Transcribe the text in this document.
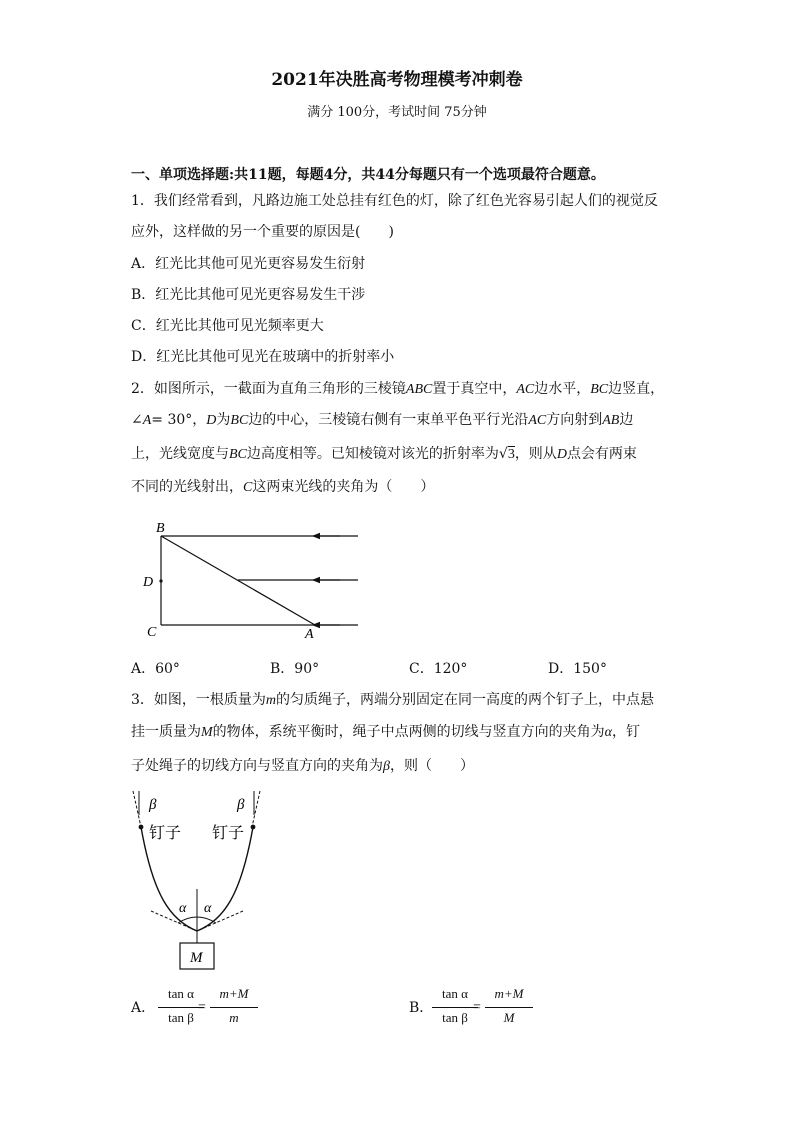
2021年决胜高考物理模考冲刺卷
满分 100分，考试时间 75分钟
一、单项选择题:共11题，每题4分，共44分每题只有一个选项最符合题意。
1．我们经常看到，凡路边施工处总挂有红色的灯，除了红色光容易引起人们的视觉反
应外，这样做的另一个重要的原因是(　　)
A．红光比其他可见光更容易发生衍射
B．红光比其他可见光更容易发生干涉
C．红光比其他可见光频率更大
D．红光比其他可见光在玻璃中的折射率小
2．如图所示，一截面为直角三角形的三棱镜ABC置于真空中，AC边水平，BC边竖直，
∠A= 30°，D为BC边的中心，三棱镜右侧有一束单平色平行光沿AC方向射到AB边
上，光线宽度与BC边高度相等。已知棱镜对该光的折射率为√3，则从D点会有两束
不同的光线射出，C这两束光线的夹角为（　　）
B
D
C	A
A．60°	B．90°	C．120°	D．150°
3．如图，一根质量为m的匀质绳子，两端分别固定在同一高度的两个钉子上，中点悬
挂一质量为M的物体，系统平衡时，绳子中点两侧的切线与竖直方向的夹角为α，钉
子处绳子的切线方向与竖直方向的夹角为β，则（　　）
β	β
钉子 钉子
α α
M
A．
tan α
tan β
=
m+M
m
B．
tan α
tan β
=
m+M
M
